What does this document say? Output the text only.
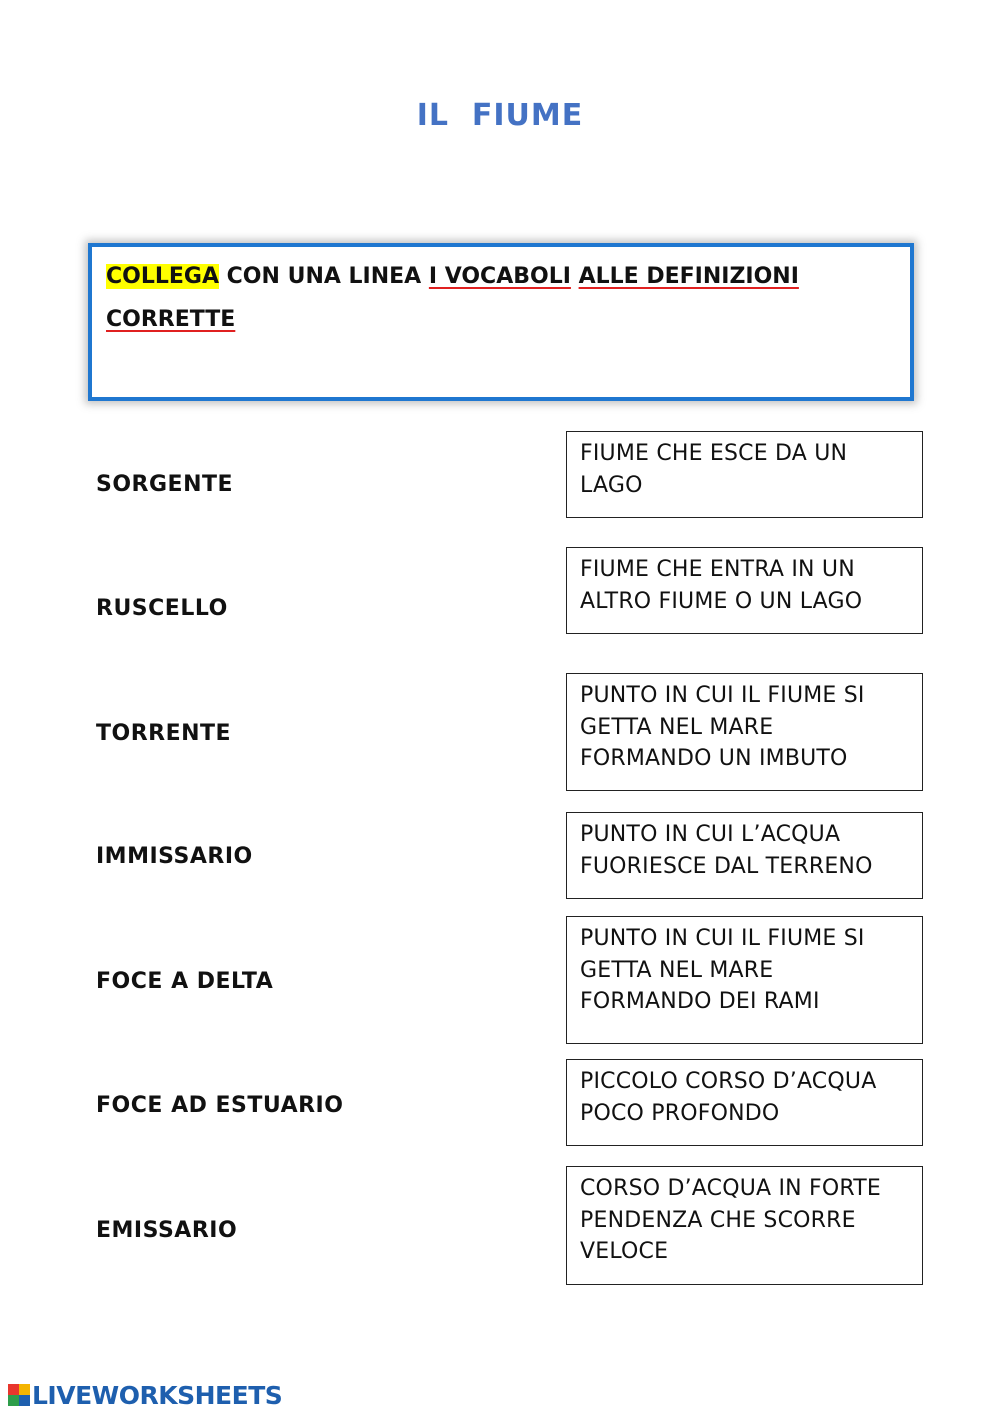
IL  FIUME
COLLEGA CON UNA LINEA I VOCABOLI ALLE DEFINIZIONI
CORRETTE
SORGENTE
RUSCELLO
TORRENTE
IMMISSARIO
FOCE A DELTA
FOCE AD ESTUARIO
EMISSARIO
FIUME CHE ESCE DA UN LAGO
FIUME CHE ENTRA IN UN ALTRO FIUME O UN LAGO
PUNTO IN CUI IL FIUME SI GETTA NEL MARE FORMANDO UN IMBUTO
PUNTO IN CUI L’ACQUA FUORIESCE DAL TERRENO
PUNTO IN CUI IL FIUME SI GETTA NEL MARE FORMANDO DEI RAMI
PICCOLO CORSO D’ACQUA POCO PROFONDO
CORSO D’ACQUA IN FORTE PENDENZA CHE SCORRE VELOCE
LIVEWORKSHEETS
